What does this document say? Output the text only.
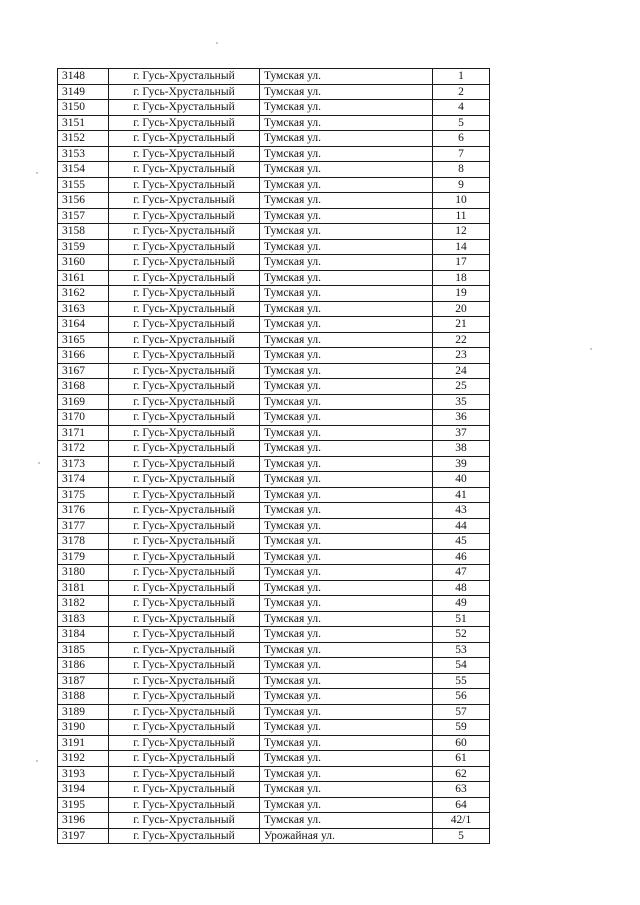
3148	г. Гусь-Хрустальный	Тумская ул.	1
3149	г. Гусь-Хрустальный	Тумская ул.	2
3150	г. Гусь-Хрустальный	Тумская ул.	4
3151	г. Гусь-Хрустальный	Тумская ул.	5
3152	г. Гусь-Хрустальный	Тумская ул.	6
3153	г. Гусь-Хрустальный	Тумская ул.	7
3154	г. Гусь-Хрустальный	Тумская ул.	8
3155	г. Гусь-Хрустальный	Тумская ул.	9
3156	г. Гусь-Хрустальный	Тумская ул.	10
3157	г. Гусь-Хрустальный	Тумская ул.	11
3158	г. Гусь-Хрустальный	Тумская ул.	12
3159	г. Гусь-Хрустальный	Тумская ул.	14
3160	г. Гусь-Хрустальный	Тумская ул.	17
3161	г. Гусь-Хрустальный	Тумская ул.	18
3162	г. Гусь-Хрустальный	Тумская ул.	19
3163	г. Гусь-Хрустальный	Тумская ул.	20
3164	г. Гусь-Хрустальный	Тумская ул.	21
3165	г. Гусь-Хрустальный	Тумская ул.	22
3166	г. Гусь-Хрустальный	Тумская ул.	23
3167	г. Гусь-Хрустальный	Тумская ул.	24
3168	г. Гусь-Хрустальный	Тумская ул.	25
3169	г. Гусь-Хрустальный	Тумская ул.	35
3170	г. Гусь-Хрустальный	Тумская ул.	36
3171	г. Гусь-Хрустальный	Тумская ул.	37
3172	г. Гусь-Хрустальный	Тумская ул.	38
3173	г. Гусь-Хрустальный	Тумская ул.	39
3174	г. Гусь-Хрустальный	Тумская ул.	40
3175	г. Гусь-Хрустальный	Тумская ул.	41
3176	г. Гусь-Хрустальный	Тумская ул.	43
3177	г. Гусь-Хрустальный	Тумская ул.	44
3178	г. Гусь-Хрустальный	Тумская ул.	45
3179	г. Гусь-Хрустальный	Тумская ул.	46
3180	г. Гусь-Хрустальный	Тумская ул.	47
3181	г. Гусь-Хрустальный	Тумская ул.	48
3182	г. Гусь-Хрустальный	Тумская ул.	49
3183	г. Гусь-Хрустальный	Тумская ул.	51
3184	г. Гусь-Хрустальный	Тумская ул.	52
3185	г. Гусь-Хрустальный	Тумская ул.	53
3186	г. Гусь-Хрустальный	Тумская ул.	54
3187	г. Гусь-Хрустальный	Тумская ул.	55
3188	г. Гусь-Хрустальный	Тумская ул.	56
3189	г. Гусь-Хрустальный	Тумская ул.	57
3190	г. Гусь-Хрустальный	Тумская ул.	59
3191	г. Гусь-Хрустальный	Тумская ул.	60
3192	г. Гусь-Хрустальный	Тумская ул.	61
3193	г. Гусь-Хрустальный	Тумская ул.	62
3194	г. Гусь-Хрустальный	Тумская ул.	63
3195	г. Гусь-Хрустальный	Тумская ул.	64
3196	г. Гусь-Хрустальный	Тумская ул.	42/1
3197	г. Гусь-Хрустальный	Урожайная ул.	5
